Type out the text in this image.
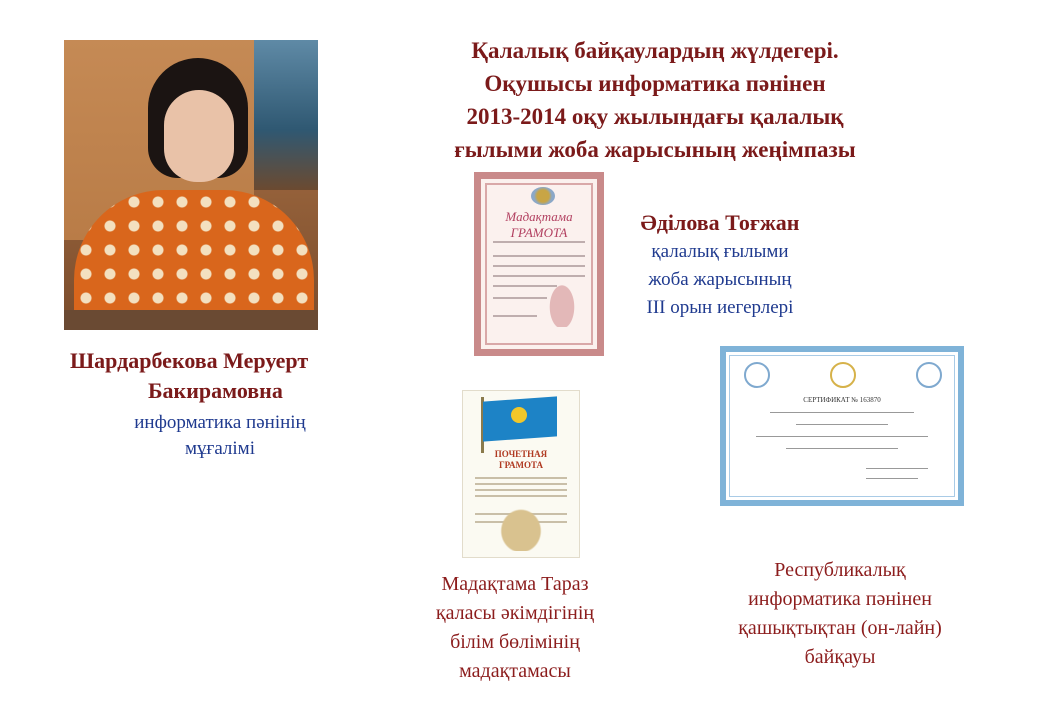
Қалалық байқаулардың жүлдегері.
Оқушысы информатика пәнінен
2013-2014 оқу жылындағы қалалық
ғылыми жоба жарысының жеңімпазы
Шардарбекова Меруерт
Бакирамовна
информатика пәнінің
мұғалімі
Әділова Тоғжан
қалалық ғылыми
жоба жарысының
III орын иегерлері
Мадақтама ГРАМОТА
ПОЧЕТНАЯ
ГРАМОТА
СЕРТИФИКАТ № 163870
Мадақтама Тараз
қаласы әкімдігінің
білім бөлімінің
мадақтамасы
Республикалық
информатика пәнінен
қашықтықтан (он-лайн)
байқауы
